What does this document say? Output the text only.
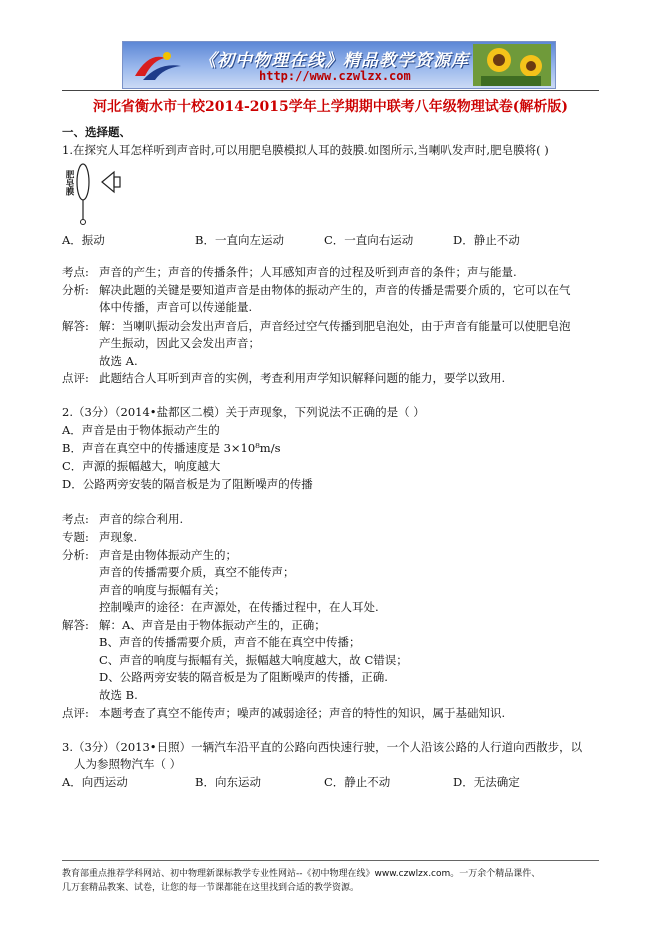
《初中物理在线》精品教学资源库
http://www.czwlzx.com
河北省衡水市十校2014-2015学年上学期期中联考八年级物理试卷(解析版)
一、选择题、
1.在探究人耳怎样听到声音时,可以用肥皂膜模拟人耳的鼓膜.如图所示,当喇叭发声时,肥皂膜将( )
肥皂膜
A．振动	B．一直向左运动	C．一直向右运动	D．静止不动
考点: 声音的产生；声音的传播条件；人耳感知声音的过程及听到声音的条件；声与能量.
分析: 解决此题的关键是要知道声音是由物体的振动产生的，声音的传播是需要介质的，它可以在气
体中传播，声音可以传递能量.
解答: 解：当喇叭振动会发出声音后，声音经过空气传播到肥皂泡处，由于声音有能量可以使肥皂泡
产生振动，因此又会发出声音；
故选 A.
点评: 此题结合人耳听到声音的实例，考查利用声学知识解释问题的能力，要学以致用.
2.（3分）（2014•盐都区二模）关于声现象，下列说法不正确的是（ ）
A．声音是由于物体振动产生的
B．声音在真空中的传播速度是 3×10⁸m/s
C．声源的振幅越大，响度越大
D．公路两旁安装的隔音板是为了阻断噪声的传播
考点: 声音的综合利用.
专题: 声现象.
分析: 声音是由物体振动产生的；
声音的传播需要介质，真空不能传声；
声音的响度与振幅有关；
控制噪声的途径：在声源处，在传播过程中，在人耳处.
解答: 解：A、声音是由于物体振动产生的，正确；
B、声音的传播需要介质，声音不能在真空中传播；
C、声音的响度与振幅有关，振幅越大响度越大，故 C错误；
D、公路两旁安装的隔音板是为了阻断噪声的传播，正确.
故选 B.
点评: 本题考查了真空不能传声；噪声的减弱途径；声音的特性的知识，属于基础知识.
3.（3分）（2013•日照）一辆汽车沿平直的公路向西快速行驶，一个人沿该公路的人行道向西散步，以
人为参照物汽车（ ）
A．向西运动	B．向东运动	C．静止不动	D．无法确定
教育部重点推荐学科网站、初中物理新课标教学专业性网站--《初中物理在线》www.czwlzx.com。一万余个精品课件、
几万套精品教案、试卷，让您的每一节课都能在这里找到合适的教学资源。
